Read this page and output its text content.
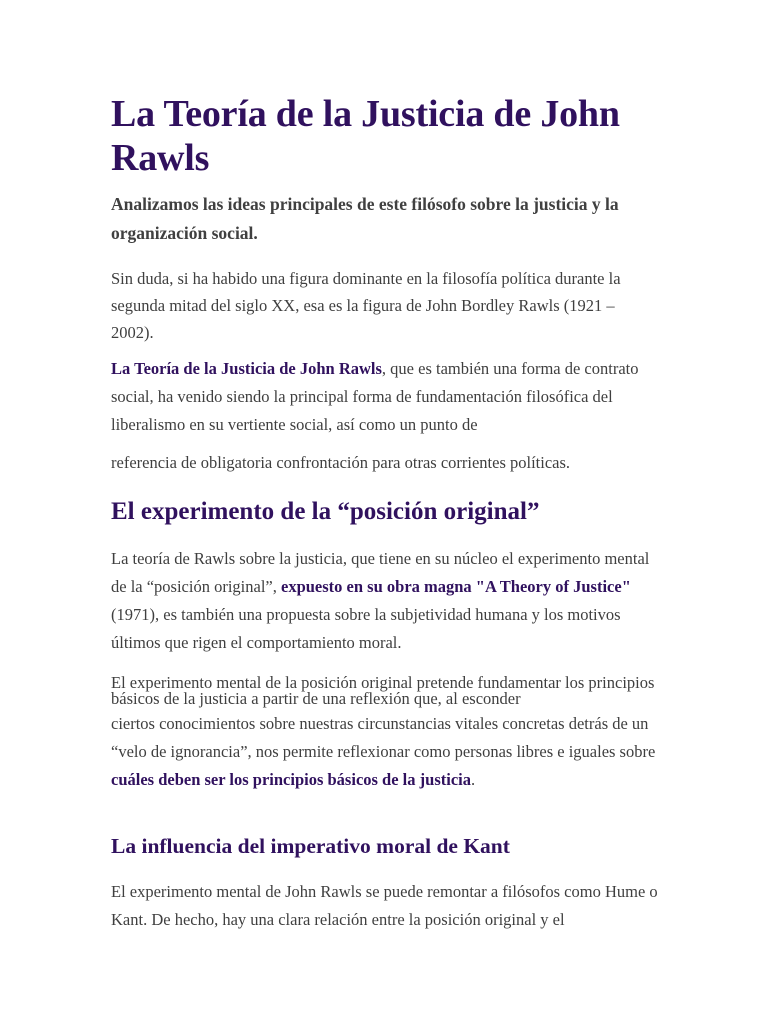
La Teoría de la Justicia de John Rawls

Analizamos las ideas principales de este filósofo sobre la justicia y la organización social.

Sin duda, si ha habido una figura dominante en la filosofía política durante la segunda mitad del siglo XX, esa es la figura de John Bordley Rawls (1921 – 2002).

La Teoría de la Justicia de John Rawls, que es también una forma de contrato social, ha venido siendo la principal forma de fundamentación filosófica del liberalismo en su vertiente social, así como un punto de
referencia de obligatoria confrontación para otras corrientes políticas.

El experimento de la “posición original”

La teoría de Rawls sobre la justicia, que tiene en su núcleo el experimento mental de la “posición original”, expuesto en su obra magna "A Theory of Justice" (1971), es también una propuesta sobre la subjetividad humana y los motivos últimos que rigen el comportamiento moral.

El experimento mental de la posición original pretende fundamentar los principios básicos de la justicia a partir de una reflexión que, al esconder
ciertos conocimientos sobre nuestras circunstancias vitales concretas detrás de un “velo de ignorancia”, nos permite reflexionar como personas libres e iguales sobre cuáles deben ser los principios básicos de la justicia.

La influencia del imperativo moral de Kant

El experimento mental de John Rawls se puede remontar a filósofos como Hume o Kant. De hecho, hay una clara relación entre la posición original y el
